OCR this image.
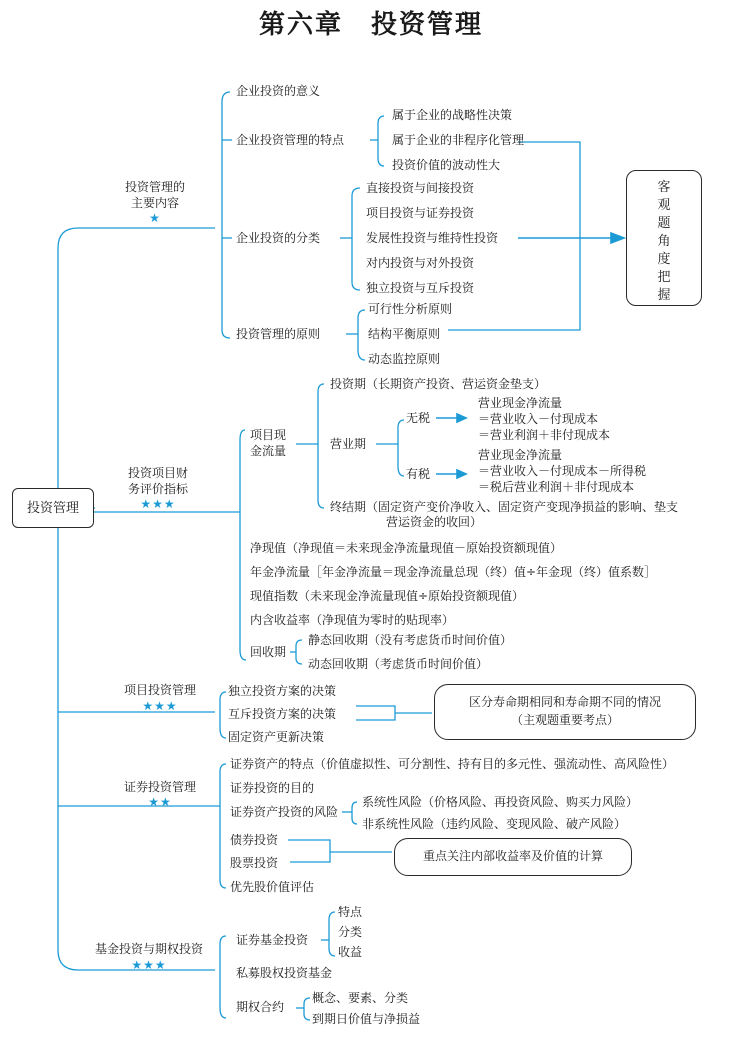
第六章　投资管理
投资管理
投资管理的
主要内容
★
企业投资的意义
企业投资管理的特点
属于企业的战略性决策
属于企业的非程序化管理
投资价值的波动性大
企业投资的分类
直接投资与间接投资
项目投资与证券投资
发展性投资与维持性投资
对内投资与对外投资
独立投资与互斥投资
投资管理的原则
可行性分析原则
结构平衡原则
动态监控原则
客
观
题
角
度
把
握
投资项目财
务评价指标
★★★
项目现
金流量
投资期（长期资产投资、营运资金垫支）
营业期
无税
营业现金净流量
＝营业收入－付现成本
＝营业利润＋非付现成本
有税
营业现金净流量
＝营业收入－付现成本－所得税
＝税后营业利润＋非付现成本
终结期（固定资产变价净收入、固定资产变现净损益的影响、垫支
营运资金的收回）
净现值（净现值＝未来现金净流量现值－原始投资额现值）
年金净流量［年金净流量＝现金净流量总现（终）值÷年金现（终）值系数］
现值指数（未来现金净流量现值÷原始投资额现值）
内含收益率（净现值为零时的贴现率）
回收期
静态回收期（没有考虑货币时间价值）
动态回收期（考虑货币时间价值）
项目投资管理
★★★
独立投资方案的决策
互斥投资方案的决策
固定资产更新决策
区分寿命期相同和寿命期不同的情况
（主观题重要考点）
证券投资管理
★★
证券资产的特点（价值虚拟性、可分割性、持有目的多元性、强流动性、高风险性）
证券投资的目的
证券资产投资的风险
系统性风险（价格风险、再投资风险、购买力风险）
非系统性风险（违约风险、变现风险、破产风险）
债券投资
股票投资
优先股价值评估
重点关注内部收益率及价值的计算
基金投资与期权投资
★★★
证券基金投资
特点
分类
收益
私募股权投资基金
期权合约
概念、要素、分类
到期日价值与净损益
